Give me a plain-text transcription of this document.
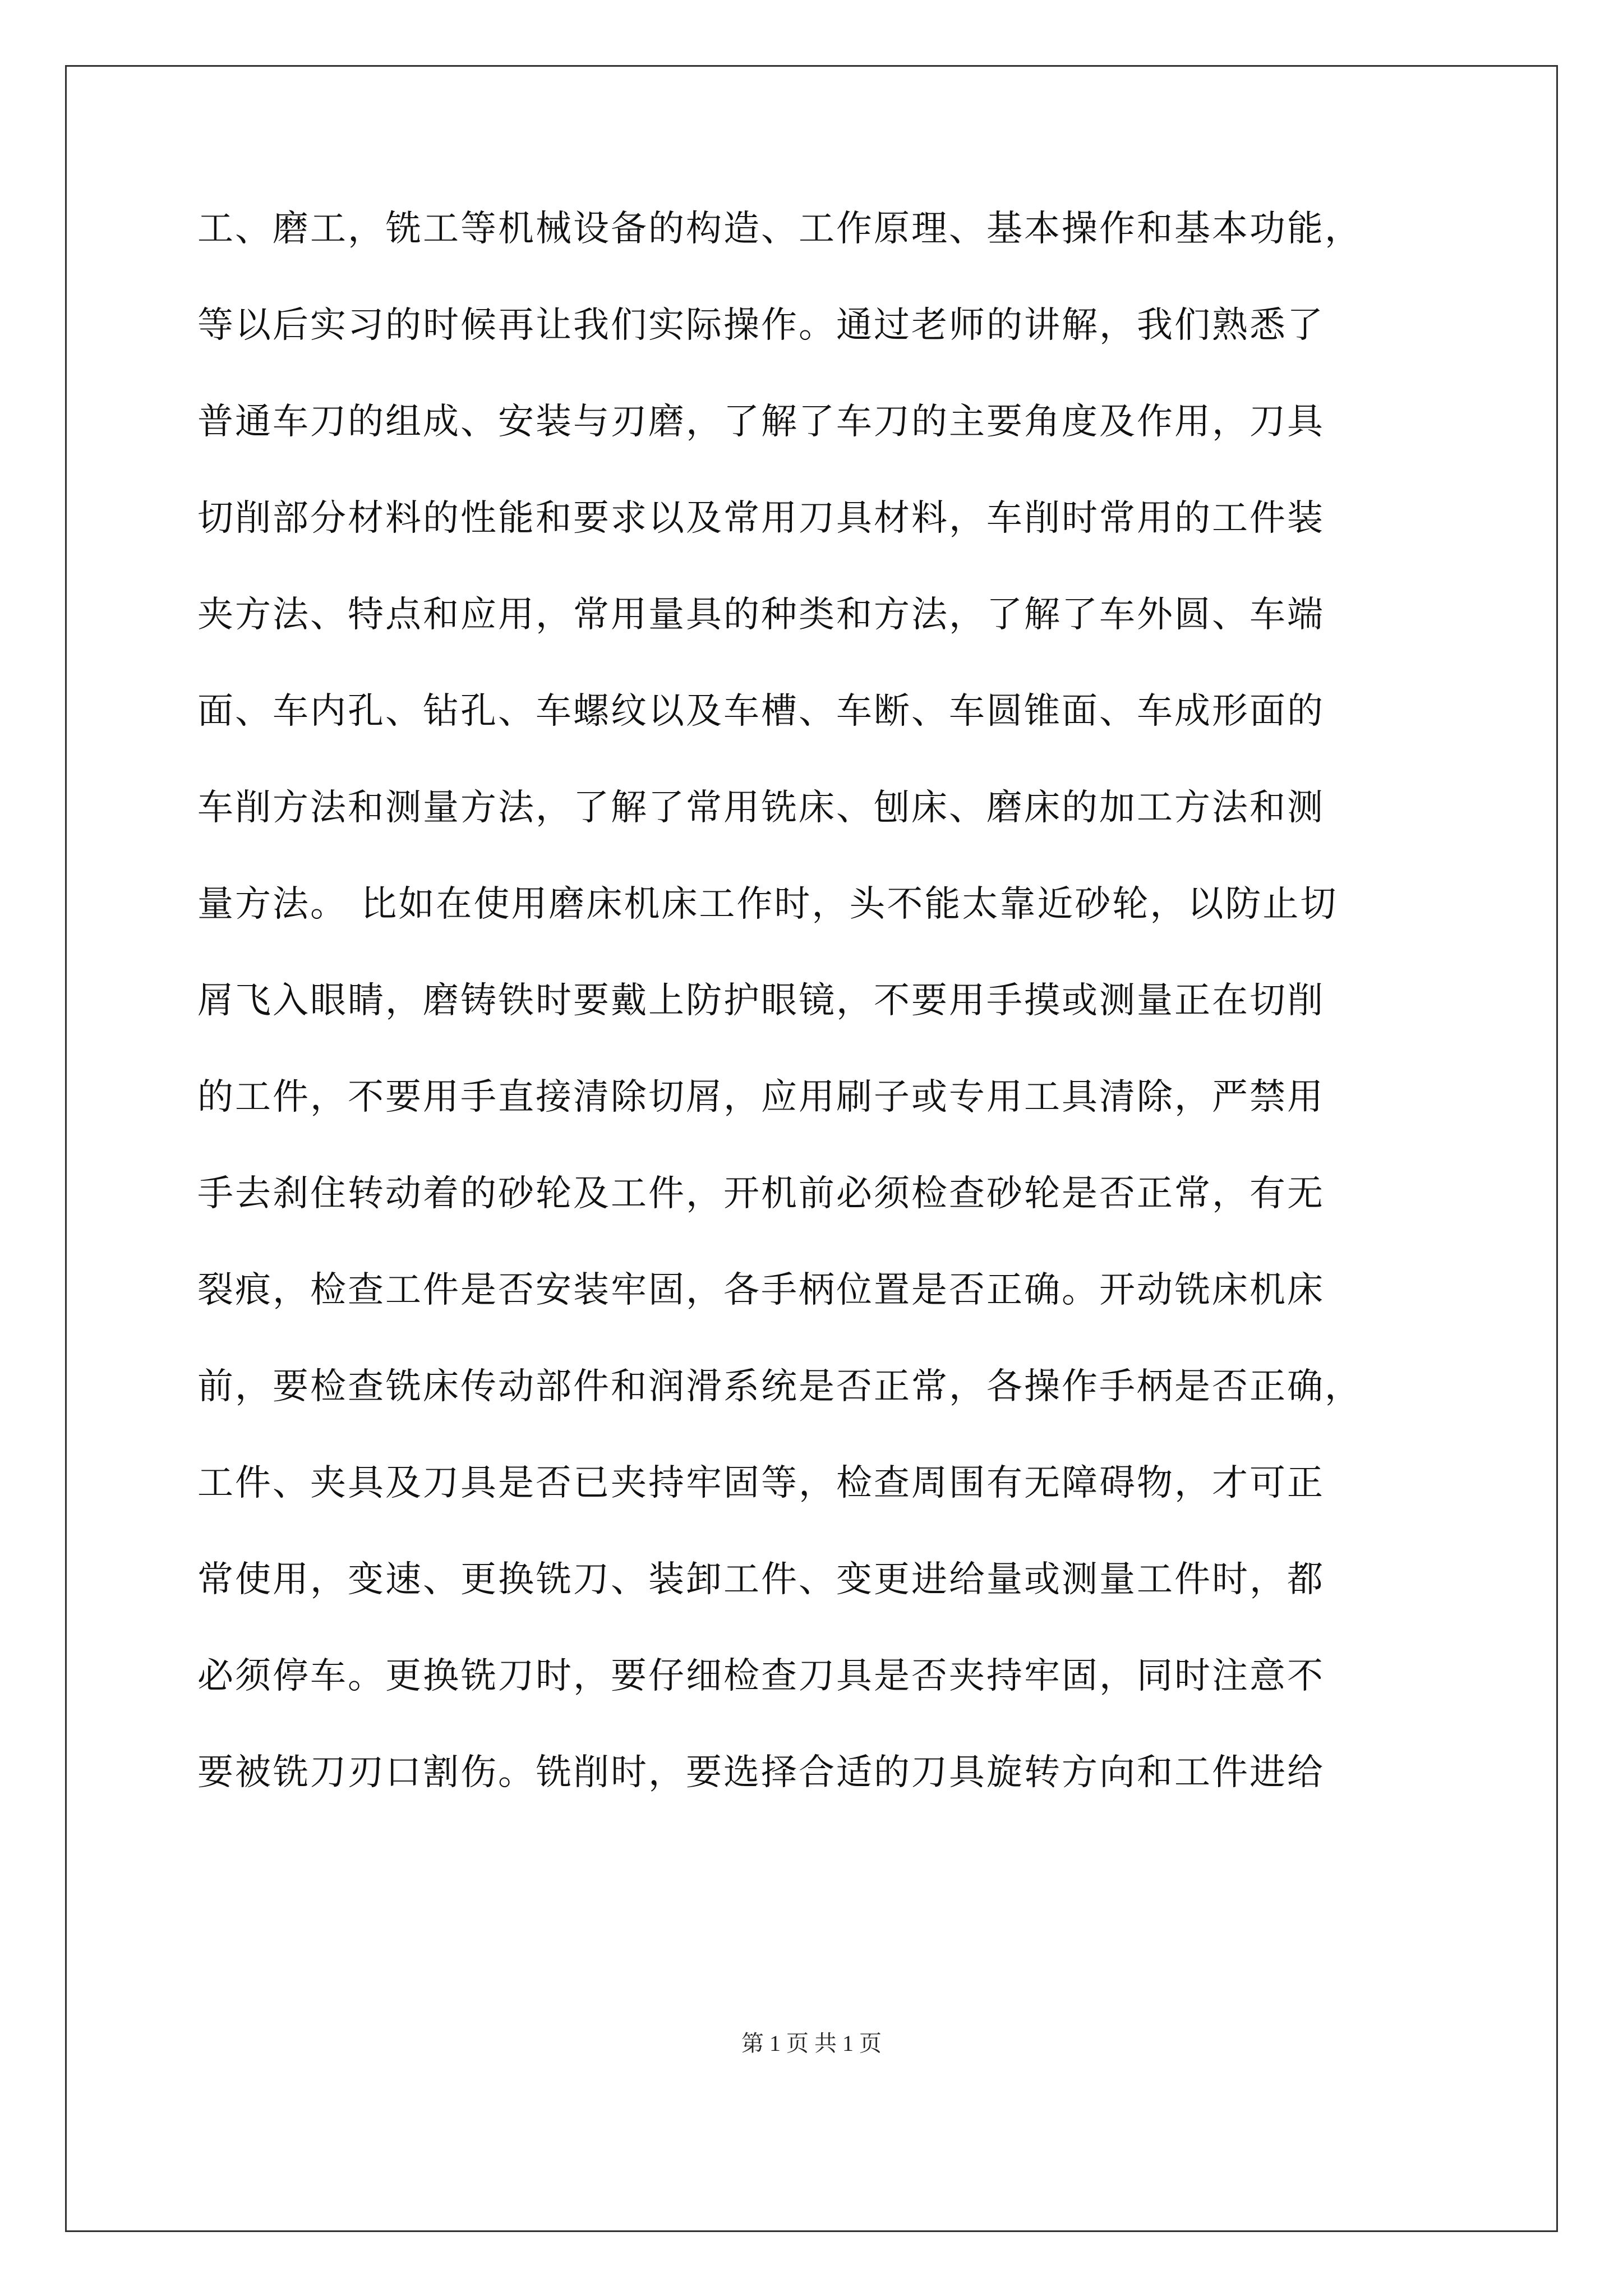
工、磨工，铣工等机械设备的构造、工作原理、基本操作和基本功能，
等以后实习的时候再让我们实际操作。通过老师的讲解，我们熟悉了
普通车刀的组成、安装与刃磨，了解了车刀的主要角度及作用，刀具
切削部分材料的性能和要求以及常用刀具材料，车削时常用的工件装
夹方法、特点和应用，常用量具的种类和方法，了解了车外圆、车端
面、车内孔、钻孔、车螺纹以及车槽、车断、车圆锥面、车成形面的
车削方法和测量方法，了解了常用铣床、刨床、磨床的加工方法和测
量方法。 比如在使用磨床机床工作时，头不能太靠近砂轮，以防止切
屑飞入眼睛，磨铸铁时要戴上防护眼镜，不要用手摸或测量正在切削
的工件，不要用手直接清除切屑，应用刷子或专用工具清除，严禁用
手去刹住转动着的砂轮及工件，开机前必须检查砂轮是否正常，有无
裂痕，检查工件是否安装牢固，各手柄位置是否正确。开动铣床机床
前，要检查铣床传动部件和润滑系统是否正常，各操作手柄是否正确，
工件、夹具及刀具是否已夹持牢固等，检查周围有无障碍物，才可正
常使用，变速、更换铣刀、装卸工件、变更进给量或测量工件时，都
必须停车。更换铣刀时，要仔细检查刀具是否夹持牢固，同时注意不
要被铣刀刃口割伤。铣削时，要选择合适的刀具旋转方向和工件进给
第 1 页 共 1 页
